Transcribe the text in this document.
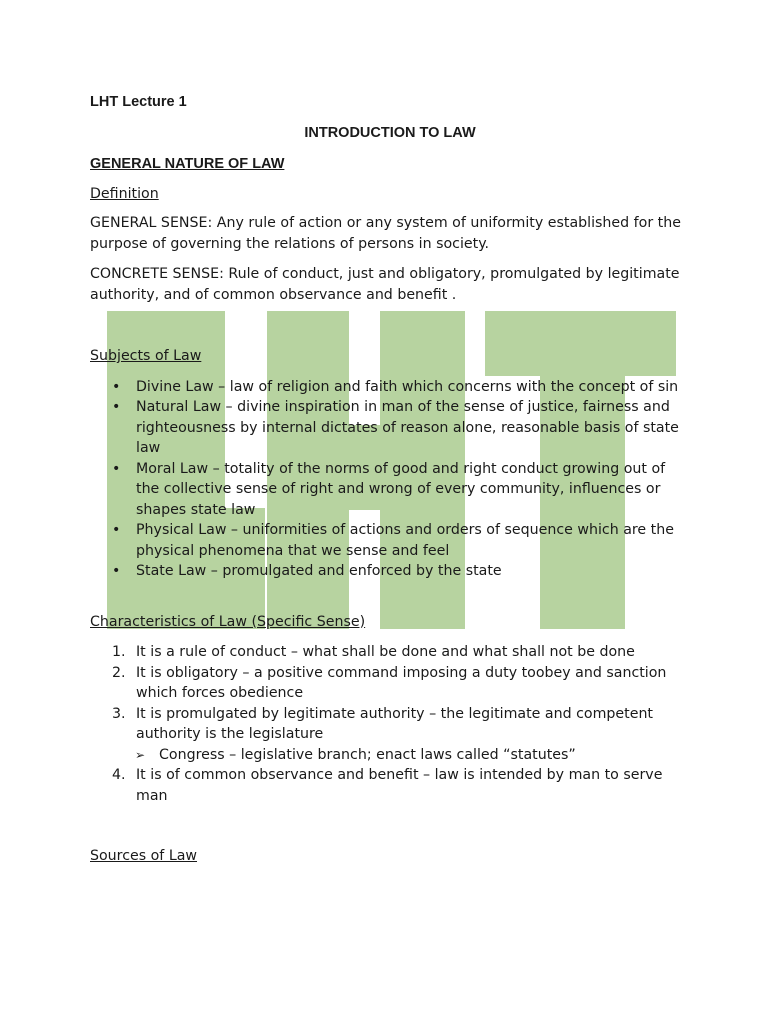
LHT Lecture 1

INTRODUCTION TO LAW

GENERAL NATURE OF LAW

Definition

GENERAL SENSE: Any rule of action or any system of uniformity established for the purpose of governing the relations of persons in society.

CONCRETE SENSE: Rule of conduct, just and obligatory, promulgated by legitimate authority, and of common observance and benefit .

Subjects of Law

• Divine Law – law of religion and faith which concerns with the concept of sin
• Natural Law – divine inspiration in man of the sense of justice, fairness and righteousness by internal dictates of reason alone, reasonable basis of state law
• Moral Law – totality of the norms of good and right conduct growing out of the collective sense of right and wrong of every community, influences or shapes state law
• Physical Law – uniformities of actions and orders of sequence which are the physical phenomena that we sense and feel
• State Law – promulgated and enforced by the state

Characteristics of Law (Specific Sense)

1. It is a rule of conduct – what shall be done and what shall not be done
2. It is obligatory – a positive command imposing a duty toobey and sanction which forces obedience
3. It is promulgated by legitimate authority – the legitimate and competent authority is the legislature
➢ Congress – legislative branch; enact laws called “statutes”
4. It is of common observance and benefit – law is intended by man to serve man

Sources of Law
